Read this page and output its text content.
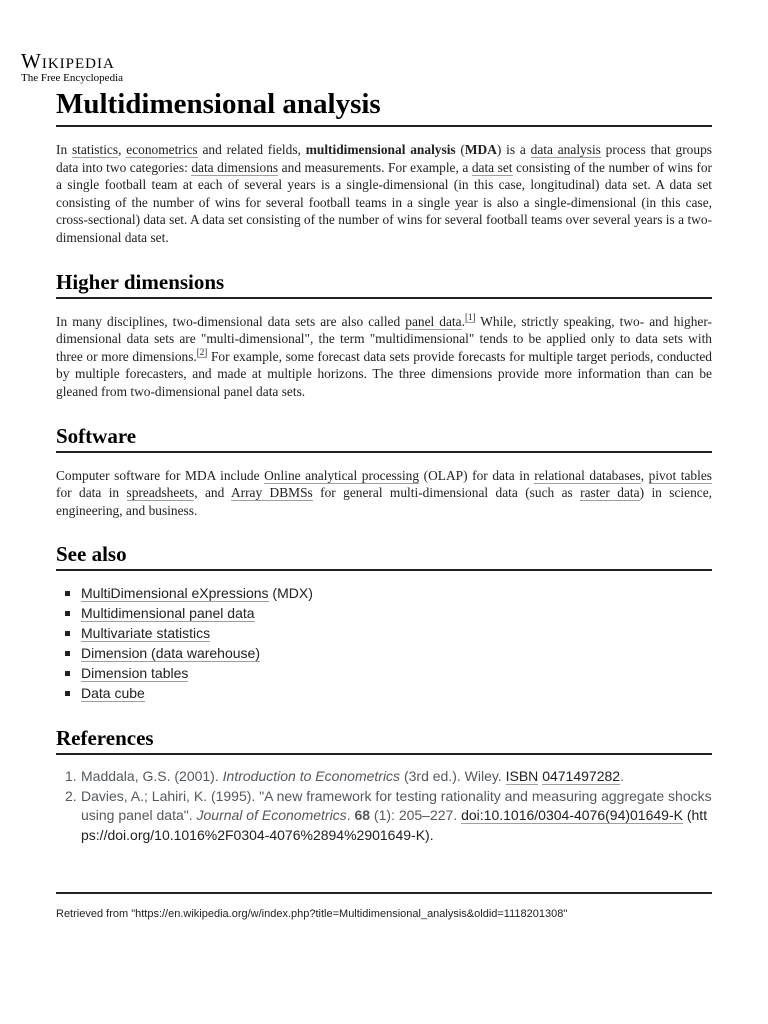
Wikipedia
The Free Encyclopedia
Multidimensional analysis

In statistics, econometrics and related fields, multidimensional analysis (MDA) is a data analysis process that groups data into two categories: data dimensions and measurements. For example, a data set consisting of the number of wins for a single football team at each of several years is a single-dimensional (in this case, longitudinal) data set. A data set consisting of the number of wins for several football teams in a single year is also a single-dimensional (in this case, cross-sectional) data set. A data set consisting of the number of wins for several football teams over several years is a two-dimensional data set.

Higher dimensions

In many disciplines, two-dimensional data sets are also called panel data.[1] While, strictly speaking, two- and higher-dimensional data sets are "multi-dimensional", the term "multidimensional" tends to be applied only to data sets with three or more dimensions.[2] For example, some forecast data sets provide forecasts for multiple target periods, conducted by multiple forecasters, and made at multiple horizons. The three dimensions provide more information than can be gleaned from two-dimensional panel data sets.

Software

Computer software for MDA include Online analytical processing (OLAP) for data in relational databases, pivot tables for data in spreadsheets, and Array DBMSs for general multi-dimensional data (such as raster data) in science, engineering, and business.

See also
MultiDimensional eXpressions (MDX)
Multidimensional panel data
Multivariate statistics
Dimension (data warehouse)
Dimension tables
Data cube
References
1. Maddala, G.S. (2001). Introduction to Econometrics (3rd ed.). Wiley. ISBN 0471497282.
2. Davies, A.; Lahiri, K. (1995). "A new framework for testing rationality and measuring aggregate shocks using panel data". Journal of Econometrics. 68 (1): 205–227. doi:10.1016/0304-4076(94)01649-K (https://doi.org/10.1016%2F0304-4076%2894%2901649-K).
Retrieved from "https://en.wikipedia.org/w/index.php?title=Multidimensional_analysis&oldid=1118201308"
